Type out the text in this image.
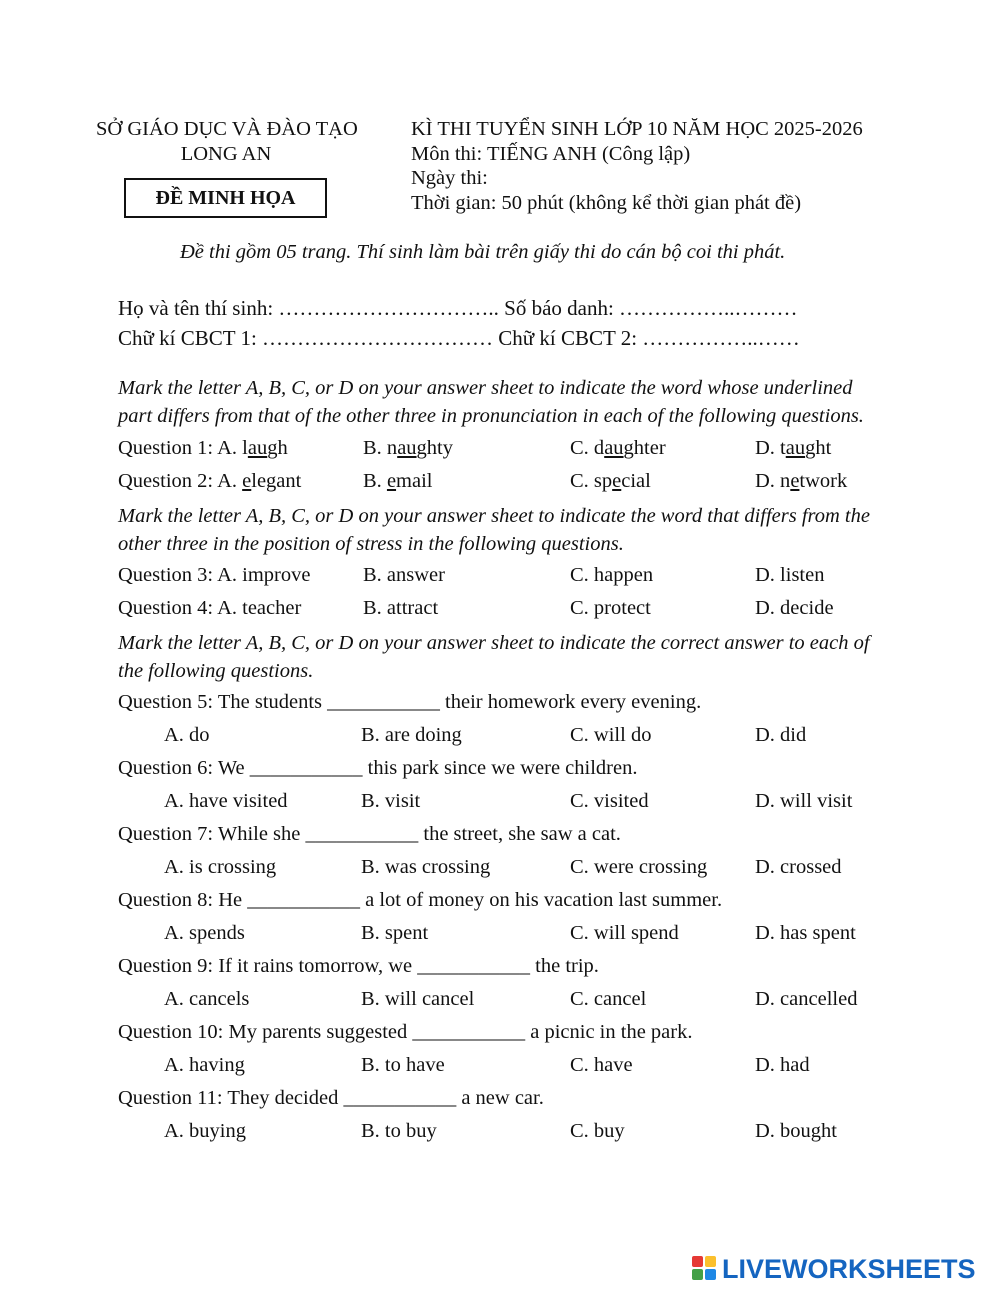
SỞ GIÁO DỤC VÀ ĐÀO TẠO
LONG AN
ĐỀ MINH HỌA
KÌ THI TUYỂN SINH LỚP 10 NĂM HỌC 2025-2026
Môn thi: TIẾNG ANH (Công lập)
Ngày thi:
Thời gian: 50 phút (không kể thời gian phát đề)
Đề thi gồm 05 trang. Thí sinh làm bài trên giấy thi do cán bộ coi thi phát.
Họ và tên thí sinh: ………………………….. Số báo danh: ……………..………
Chữ kí CBCT 1: …………………………… Chữ kí CBCT 2: ……………..……
Mark the letter A, B, C, or D on your answer sheet to indicate the word whose underlined part differs from that of the other three in pronunciation in each of the following questions.
Question 1: A. laugh	B. naughty	C. daughter	D. taught
Question 2: A. elegant	B. email	C. special	D. network
Mark the letter A, B, C, or D on your answer sheet to indicate the word that differs from the other three in the position of stress in the following questions.
Question 3: A. improve	B. answer	C. happen	D. listen
Question 4: A. teacher	B. attract	C. protect	D. decide
Mark the letter A, B, C, or D on your answer sheet to indicate the correct answer to each of the following questions.
Question 5: The students ___________ their homework every evening.
A. do	B. are doing	C. will do	D. did
Question 6: We ___________ this park since we were children.
A. have visited	B. visit	C. visited	D. will visit
Question 7: While she ___________ the street, she saw a cat.
A. is crossing	B. was crossing	C. were crossing D. crossed
Question 8: He ___________ a lot of money on his vacation last summer.
A. spends	B. spent	C. will spend	D. has spent
Question 9: If it rains tomorrow, we ___________ the trip.
A. cancels	B. will cancel	C. cancel	D. cancelled
Question 10: My parents suggested ___________ a picnic in the park.
A. having	B. to have	C. have	D. had
Question 11: They decided ___________ a new car.
A. buying	B. to buy	C. buy	D. bought
LIVEWORKSHEETS
